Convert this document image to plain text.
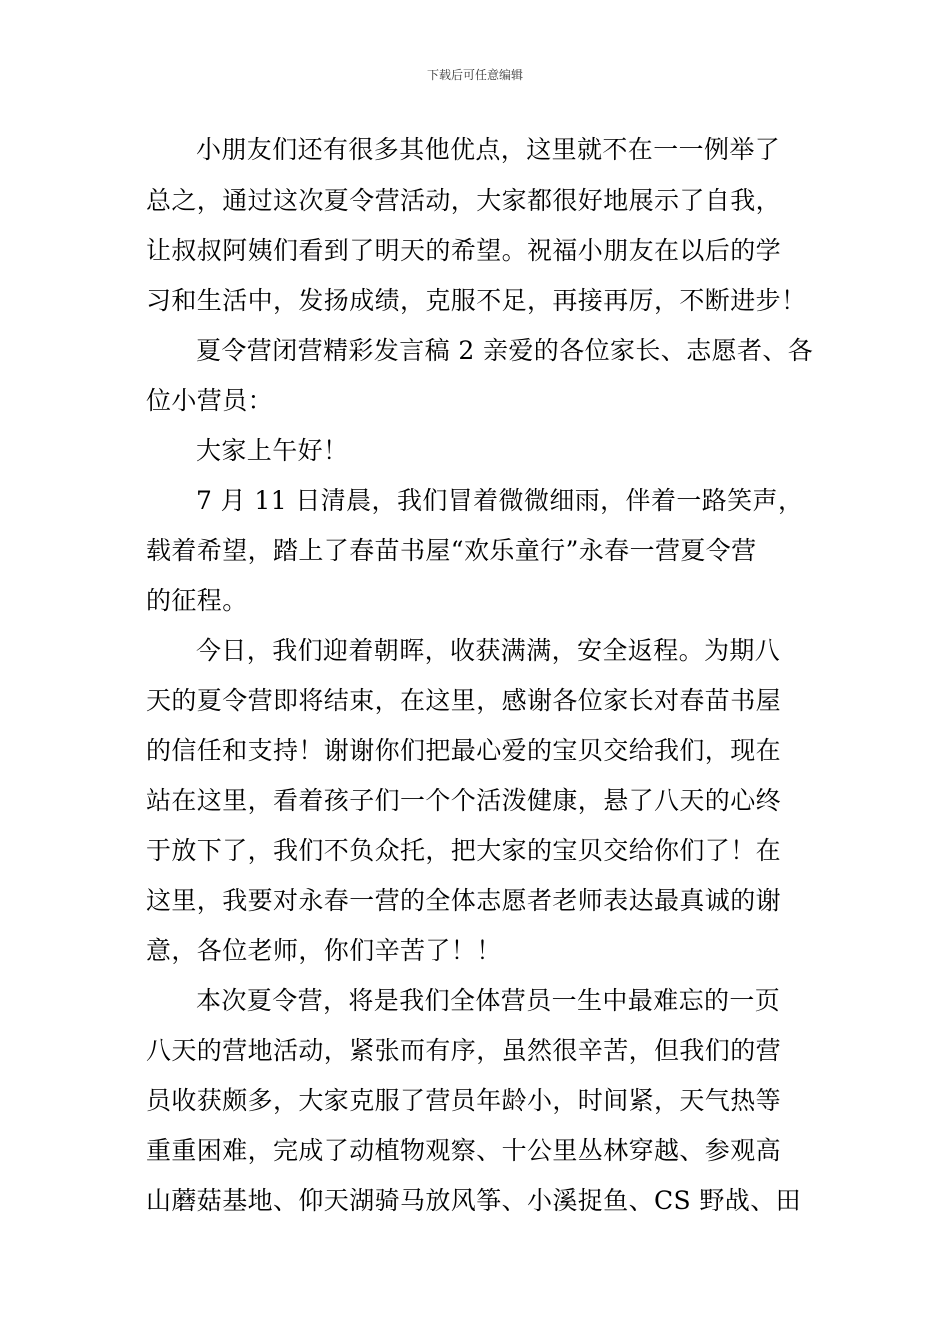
下载后可任意编辑
小朋友们还有很多其他优点，这里就不在一一例举了
总之，通过这次夏令营活动，大家都很好地展示了自我，
让叔叔阿姨们看到了明天的希望。祝福小朋友在以后的学
习和生活中，发扬成绩，克服不足，再接再厉，不断进步！
夏令营闭营精彩发言稿 2 亲爱的各位家长、志愿者、各
位小营员：
大家上午好！
7 月 11 日清晨，我们冒着微微细雨，伴着一路笑声，
载着希望，踏上了春苗书屋“欢乐童行”永春一营夏令营
的征程。
今日，我们迎着朝晖，收获满满，安全返程。为期八
天的夏令营即将结束，在这里，感谢各位家长对春苗书屋
的信任和支持！谢谢你们把最心爱的宝贝交给我们，现在
站在这里，看着孩子们一个个活泼健康，悬了八天的心终
于放下了，我们不负众托，把大家的宝贝交给你们了！在
这里，我要对永春一营的全体志愿者老师表达最真诚的谢
意，各位老师，你们辛苦了！！
本次夏令营，将是我们全体营员一生中最难忘的一页
八天的营地活动，紧张而有序，虽然很辛苦，但我们的营
员收获颇多，大家克服了营员年龄小，时间紧，天气热等
重重困难，完成了动植物观察、十公里丛林穿越、参观高
山蘑菇基地、仰天湖骑马放风筝、小溪捉鱼、CS 野战、田
